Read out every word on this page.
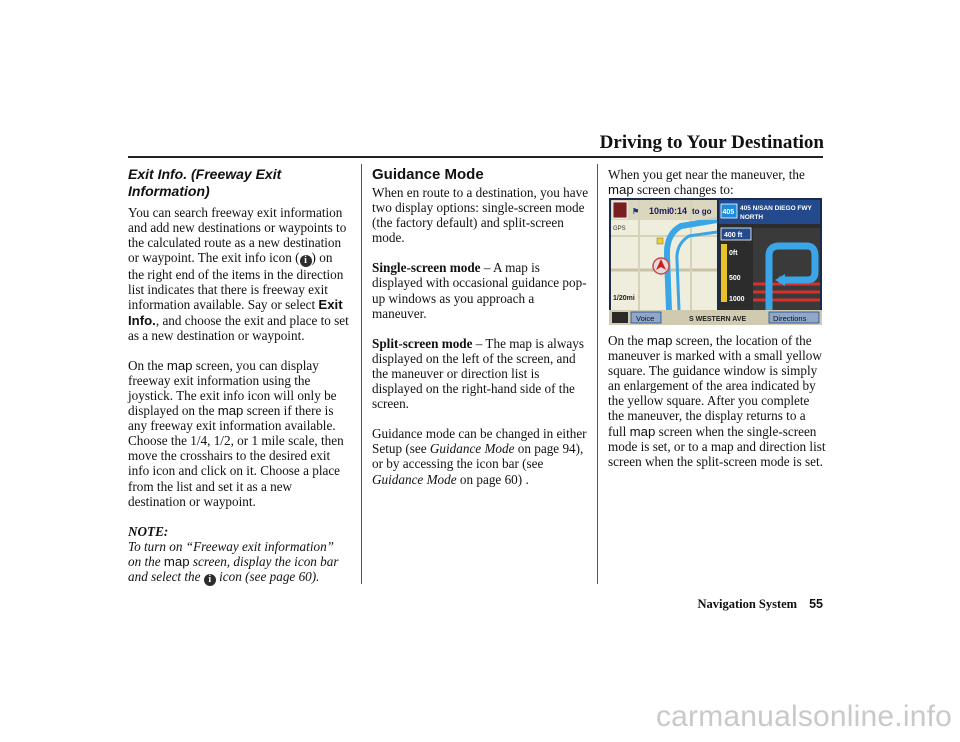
Driving to Your Destination
Exit Info. (Freeway Exit Information)

You can search freeway exit information and add new destinations or waypoints to the calculated route as a new destination or waypoint. The exit info icon ( i ) on the right end of the items in the direction list indicates that there is freeway exit information available. Say or select Exit Info., and choose the exit and place to set as a new destination or waypoint.

On the map screen, you can display freeway exit information using the joystick. The exit info icon will only be displayed on the map screen if there is any freeway exit information available. Choose the 1/4, 1/2, or 1 mile scale, then move the crosshairs to the desired exit info icon and click on it. Choose a place from the list and set it as a new destination or waypoint.

NOTE:

To turn on “Freeway exit information” on the map screen, display the icon bar and select the i icon (see page 60).

Guidance Mode

When en route to a destination, you have two display options: single-screen mode (the factory default) and split-screen mode.

Single-screen mode – A map is displayed with occasional guidance pop-up windows as you approach a maneuver.

Split-screen mode – The map is always displayed on the left of the screen, and the maneuver or direction list is displayed on the right-hand side of the screen.

Guidance mode can be changed in either Setup (see Guidance Mode on page 94), or by accessing the icon bar (see Guidance Mode on page 60) .

When you get near the maneuver, the map screen changes to:

On the map screen, the location of the maneuver is marked with a small yellow square. The guidance window is simply an enlargement of the area indicated by the yellow square. After you complete the maneuver, the display returns to a full map screen when the single-screen mode is set, or to a map and direction list screen when the split-screen mode is set.

⚑ 10mi 0:14 to go
GPS
1/20mi
405
405 N/SAN DIEGO FWY
NORTH
400 ft
0ft
500
1000
Voice	S WESTERN AVE	Directions
Navigation System 55
carmanualsonline.info
